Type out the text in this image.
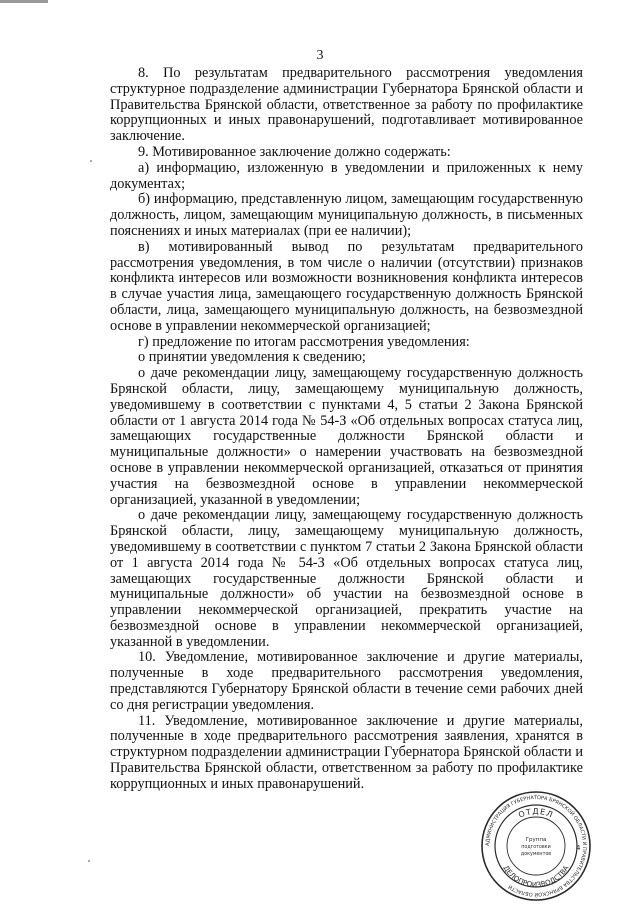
3

8. По результатам предварительного рассмотрения уведомления структурное подразделение администрации Губернатора Брянской области и Правительства Брянской области, ответственное за работу по профилактике коррупционных и иных правонарушений, подготавливает мотивированное заключение.

9. Мотивированное заключение должно содержать:

а) информацию, изложенную в уведомлении и приложенных к нему документах;

б) информацию, представленную лицом, замещающим государственную должность, лицом, замещающим муниципальную должность, в письменных пояснениях и иных материалах (при ее наличии);

в) мотивированный вывод по результатам предварительного рассмотрения уведомления, в том числе о наличии (отсутствии) признаков конфликта интересов или возможности возникновения конфликта интересов в случае участия лица, замещающего государственную должность Брянской области, лица, замещающего муниципальную должность, на безвозмездной основе в управлении некоммерческой организацией;

г) предложение по итогам рассмотрения уведомления:

о принятии уведомления к сведению;

о даче рекомендации лицу, замещающему государственную должность Брянской области, лицу, замещающему муниципальную должность, уведомившему в соответствии с пунктами 4, 5 статьи 2 Закона Брянской области от 1 августа 2014 года № 54-З «Об отдельных вопросах статуса лиц, замещающих государственные должности Брянской области и муниципальные должности» о намерении участвовать на безвозмездной основе в управлении некоммерческой организацией, отказаться от принятия участия на безвозмездной основе в управлении некоммерческой организацией, указанной в уведомлении;

о даче рекомендации лицу, замещающему государственную должность Брянской области, лицу, замещающему муниципальную должность, уведомившему в соответствии с пунктом 7 статьи 2 Закона Брянской области от 1 августа 2014 года № 54-З «Об отдельных вопросах статуса лиц, замещающих государственные должности Брянской области и муниципальные должности» об участии на безвозмездной основе в управлении некоммерческой организацией, прекратить участие на безвозмездной основе в управлении некоммерческой организацией, указанной в уведомлении.

10. Уведомление, мотивированное заключение и другие материалы, полученные в ходе предварительного рассмотрения уведомления, представляются Губернатору Брянской области в течение семи рабочих дней со дня регистрации уведомления.

11. Уведомление, мотивированное заключение и другие материалы, полученные в ходе предварительного рассмотрения заявления, хранятся в структурном подразделении администрации Губернатора Брянской области и Правительства Брянской области, ответственном за работу по профилактике коррупционных и иных правонарушений.

АДМИНИСТРАЦИЯ ГУБЕРНАТОРА БРЯНСКОЙ ОБЛАСТИ И ПРАВИТЕЛЬСТВА БРЯНСКОЙ ОБЛАСТИ
ОТДЕЛ
ДЕЛОПРОИЗВОДСТВА
4
Группа
подготовки
документов
